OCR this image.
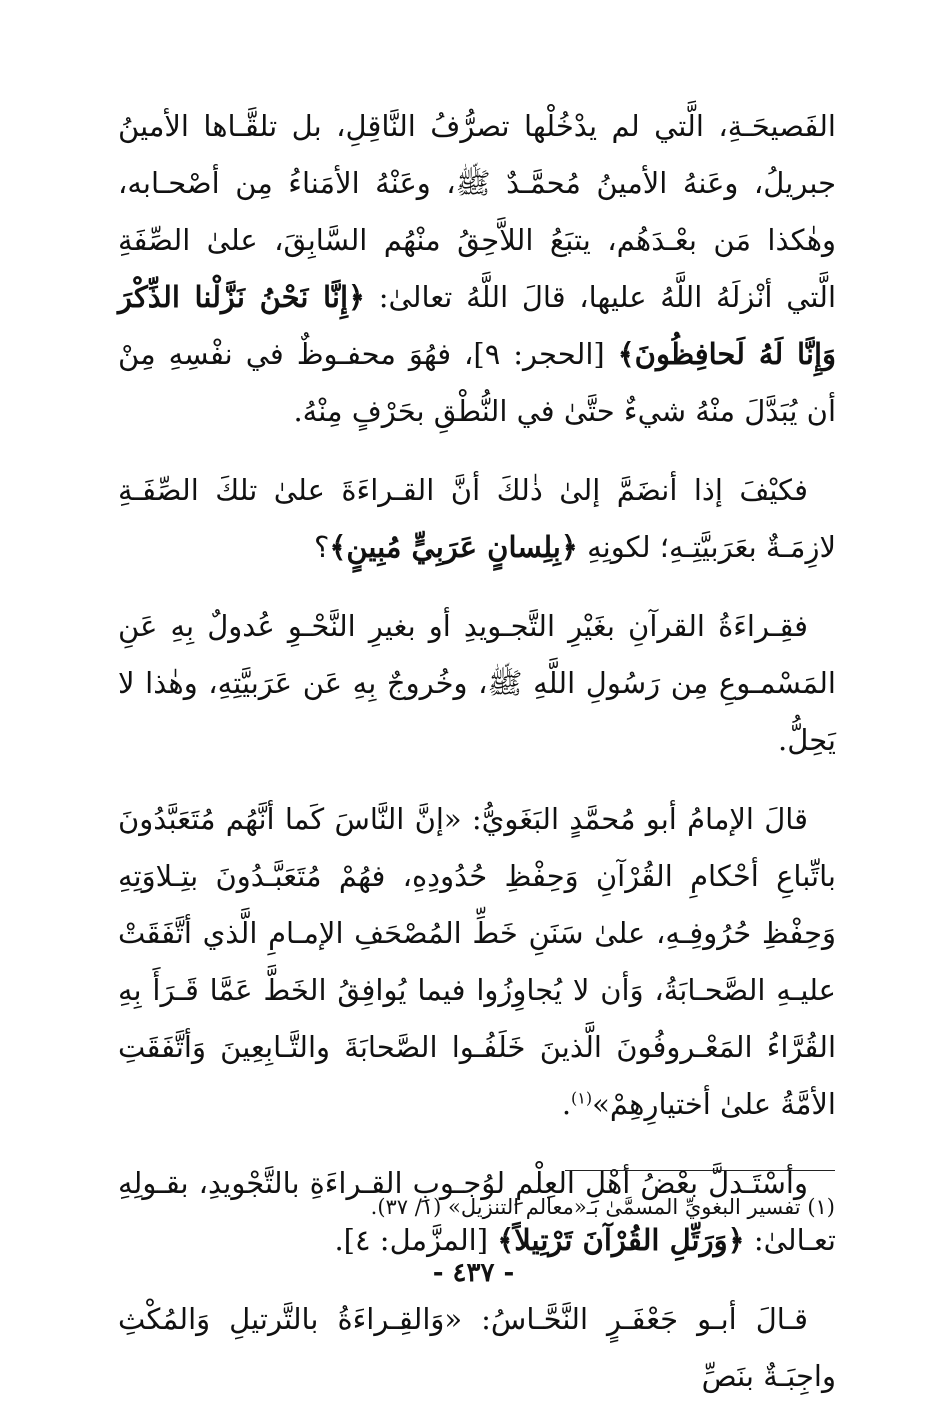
الفَصيحَـةِ، الَّتي لم يدْخُلْها تصرُّفُ النَّاقِلِ، بل تلقَّـاها الأمينُ جبريلُ، وعَنهُ الأمينُ مُحمَّـدٌ ﷺ، وعَنْهُ الأمَناءُ مِن أصْحـابه، وهٰكذا مَن بعْـدَهُم، يتبَعُ اللاَّحِقُ منْهُم السَّابِقَ، علىٰ الصِّفَةِ الَّتي أنْزلَهُ اللَّهُ عليها، قالَ اللَّهُ تعالىٰ: ﴿إِنَّا نَحْنُ نَزَّلْنا الذِّكْرَ وَإِنَّا لَهُ لَحافِظُونَ﴾ [الحجر: ٩]، فهُوَ محفـوظٌ في نفْسِهِ مِنْ أن يُبَدَّلَ منْهُ شيءٌ حتَّىٰ في النُّطْقِ بحَرْفٍ مِنْهُ.

فكيْفَ إذا أنضَمَّ إلىٰ ذٰلكَ أنَّ القـراءَةَ علىٰ تلكَ الصِّفَـةِ لازِمَـةٌ بعَرَبيَّتِـهِ؛ لكونِهِ ﴿بِلِسانٍ عَرَبِيٍّ مُبِينٍ﴾؟

فقِـراءَةُ القرآنِ بغَيْرِ التَّجـويدِ أو بغيرِ النَّحْـوِ عُدولٌ بِهِ عَنِ المَسْمـوعِ مِن رَسُولِ اللَّهِ ﷺ، وخُروجٌ بِهِ عَن عَرَبيَّتِهِ، وهٰذا لا يَحِلُّ.

قالَ الإمامُ أبو مُحمَّدٍ البَغَويُّ: «إنَّ النَّاسَ كَما أنَّهُم مُتَعَبَّدُونَ باتِّباعِ أحْكامِ القُرْآنِ وَحِفْظِ حُدُودِهِ، فهُمْ مُتَعَبَّـدُونَ بتِـلاوَتِهِ وَحِفْظِ حُرُوفِـهِ، علىٰ سَنَنِ خَطِّ المُصْحَفِ الإمـامِ الَّذي أتَّفَقَتْ عليـهِ الصَّحـابَةُ، وَأن لا يُجاوِزُوا فيما يُوافِقُ الخَطَّ عَمَّا قَـرَأَ بِهِ القُرَّاءُ المَعْـروفُونَ الَّذينَ خَلَفُـوا الصَّحابَةَ والتَّـابِعِينَ وَأتَّفَقَتِ الأمَّةُ علىٰ أختيارِهِمْ»$^{(١)}$.

وأسْتَـدلَّ بعْضُ أهْلِ العِلْمِ لوُجـوبِ القـراءَةِ بالتَّجْويدِ، بقـولِهِ تعـالىٰ: ﴿وَرَتِّلِ القُرْآنَ تَرْتِيلاً﴾ [المزَّمل: ٤].

قـالَ أبـو جَعْفَـرٍ النَّحَّـاسُ: «وَالقِـراءَةُ بالتَّرتيلِ وَالمُكْثِ واجِبَـةٌ بنَصِّ

(١) تفسير البغويِّ المسمَّىٰ بـ«معالم التنزيل» (١/ ٣٧).
- ٤٣٧ -
